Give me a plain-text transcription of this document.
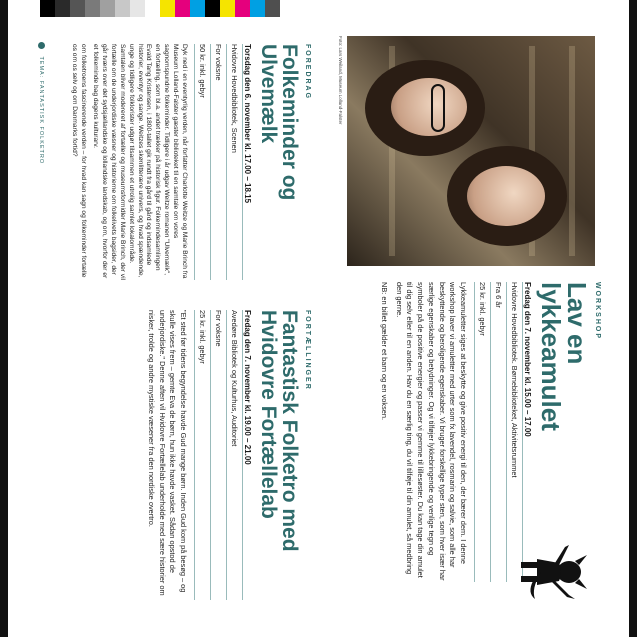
Foto: Lars Weiland, Museum Lolland-Falster
WORKSHOP
Lav en lykkeamulet

Fredag den 7. november kl. 15.00 – 17.00

Hvidovre Hovedbibliotek. Børnebiblioteket, Aktivitetsrummet

Fra 6 år

25 kr. inkl. gebyr

Lykkeamuletter siges at beskytte og give positiv energi til den, der bærer dem. I denne workshop laver vi amuletter med urter som fx lavendel, rosmarin og salvie, som alle har beskyttende og beroligende egenskaber. Vi bruger forskellige typer sten, som hver især har særlige egenskaber og betydninger. Og vi tilføjer lykkebringende og venlige tegn og symboler på de positive energier og passer vi gemme til lillesøster. Du kan tage din amulet til dig selv eller til en anden. Hav du en særlig ting, du vil tilføje til din amulet, så medbring den gerne.

NB: en billet gælder et barn og en voksen.

FOREDRAG
Folkeminder og Ulvemælk

Torsdag den 6. november kl. 17.00 – 18.15

Hvidovre Hovedbibliotek, Scenen

For voksne

50 kr. inkl. gebyr

Dyk ned i en eventyrlig verden, når forfatter Charlotte Weitze og Marie Brinch fra Museum Lolland-Falster gæster biblioteket til en samtale om vores sagnomspundne folkeminder. Tidligere i år udgav Weitze romanen "Ulvemælk", en fortælling, som bl.a. andet trækker på historisk figur. Folkemindesamlingen Evald Tang Kristensen, i 1800-tallet gik rundt fra gård til gård og indsamlede historier, eventyr og sange. Weitzes skønlitterære univers, og hvad spændende, unge og tidligere folklorister udgør tilsammen et utrolig samlet lokalområde. Samtalen bliver modereret af fortæller og museumsformidler Marie Brinch, der vil fortælle om de underjordiske væsner og historierne om folkelivets bagsider, der går tværs over det sydsjællandske og lollandske landskab, og om, hvorfor der er et folkeminde bag dagens kulturarv.

om folketroens fascinerende verden – for hvad kan sagn og folkeminder fortælle os om os selv og om Danmarks fortid?

FORTÆLLINGER
Fantastisk Folketro med Hvidovre Fortællelab

Fredag den 7. november kl. 19.00 – 21.00

Avedøre Bibliotek og Kulturhus, Auditoriet

For voksne

25 kr. inkl. gebyr

"Et sted før tidens begyndelse havde Gud mange børn. Inden Gud kom på besøg – og skulle vises frem – gemte Eva de børn, hun ikke havde vasket. Sådan opstod de underjordiske." Denne aften vil Hvidovre Fortællelab underholde med sære historier om nisker, trolde og andre mystiske væsener fra den nordiske overtro.

TEMA: FANTASTISK FOLKETRO
